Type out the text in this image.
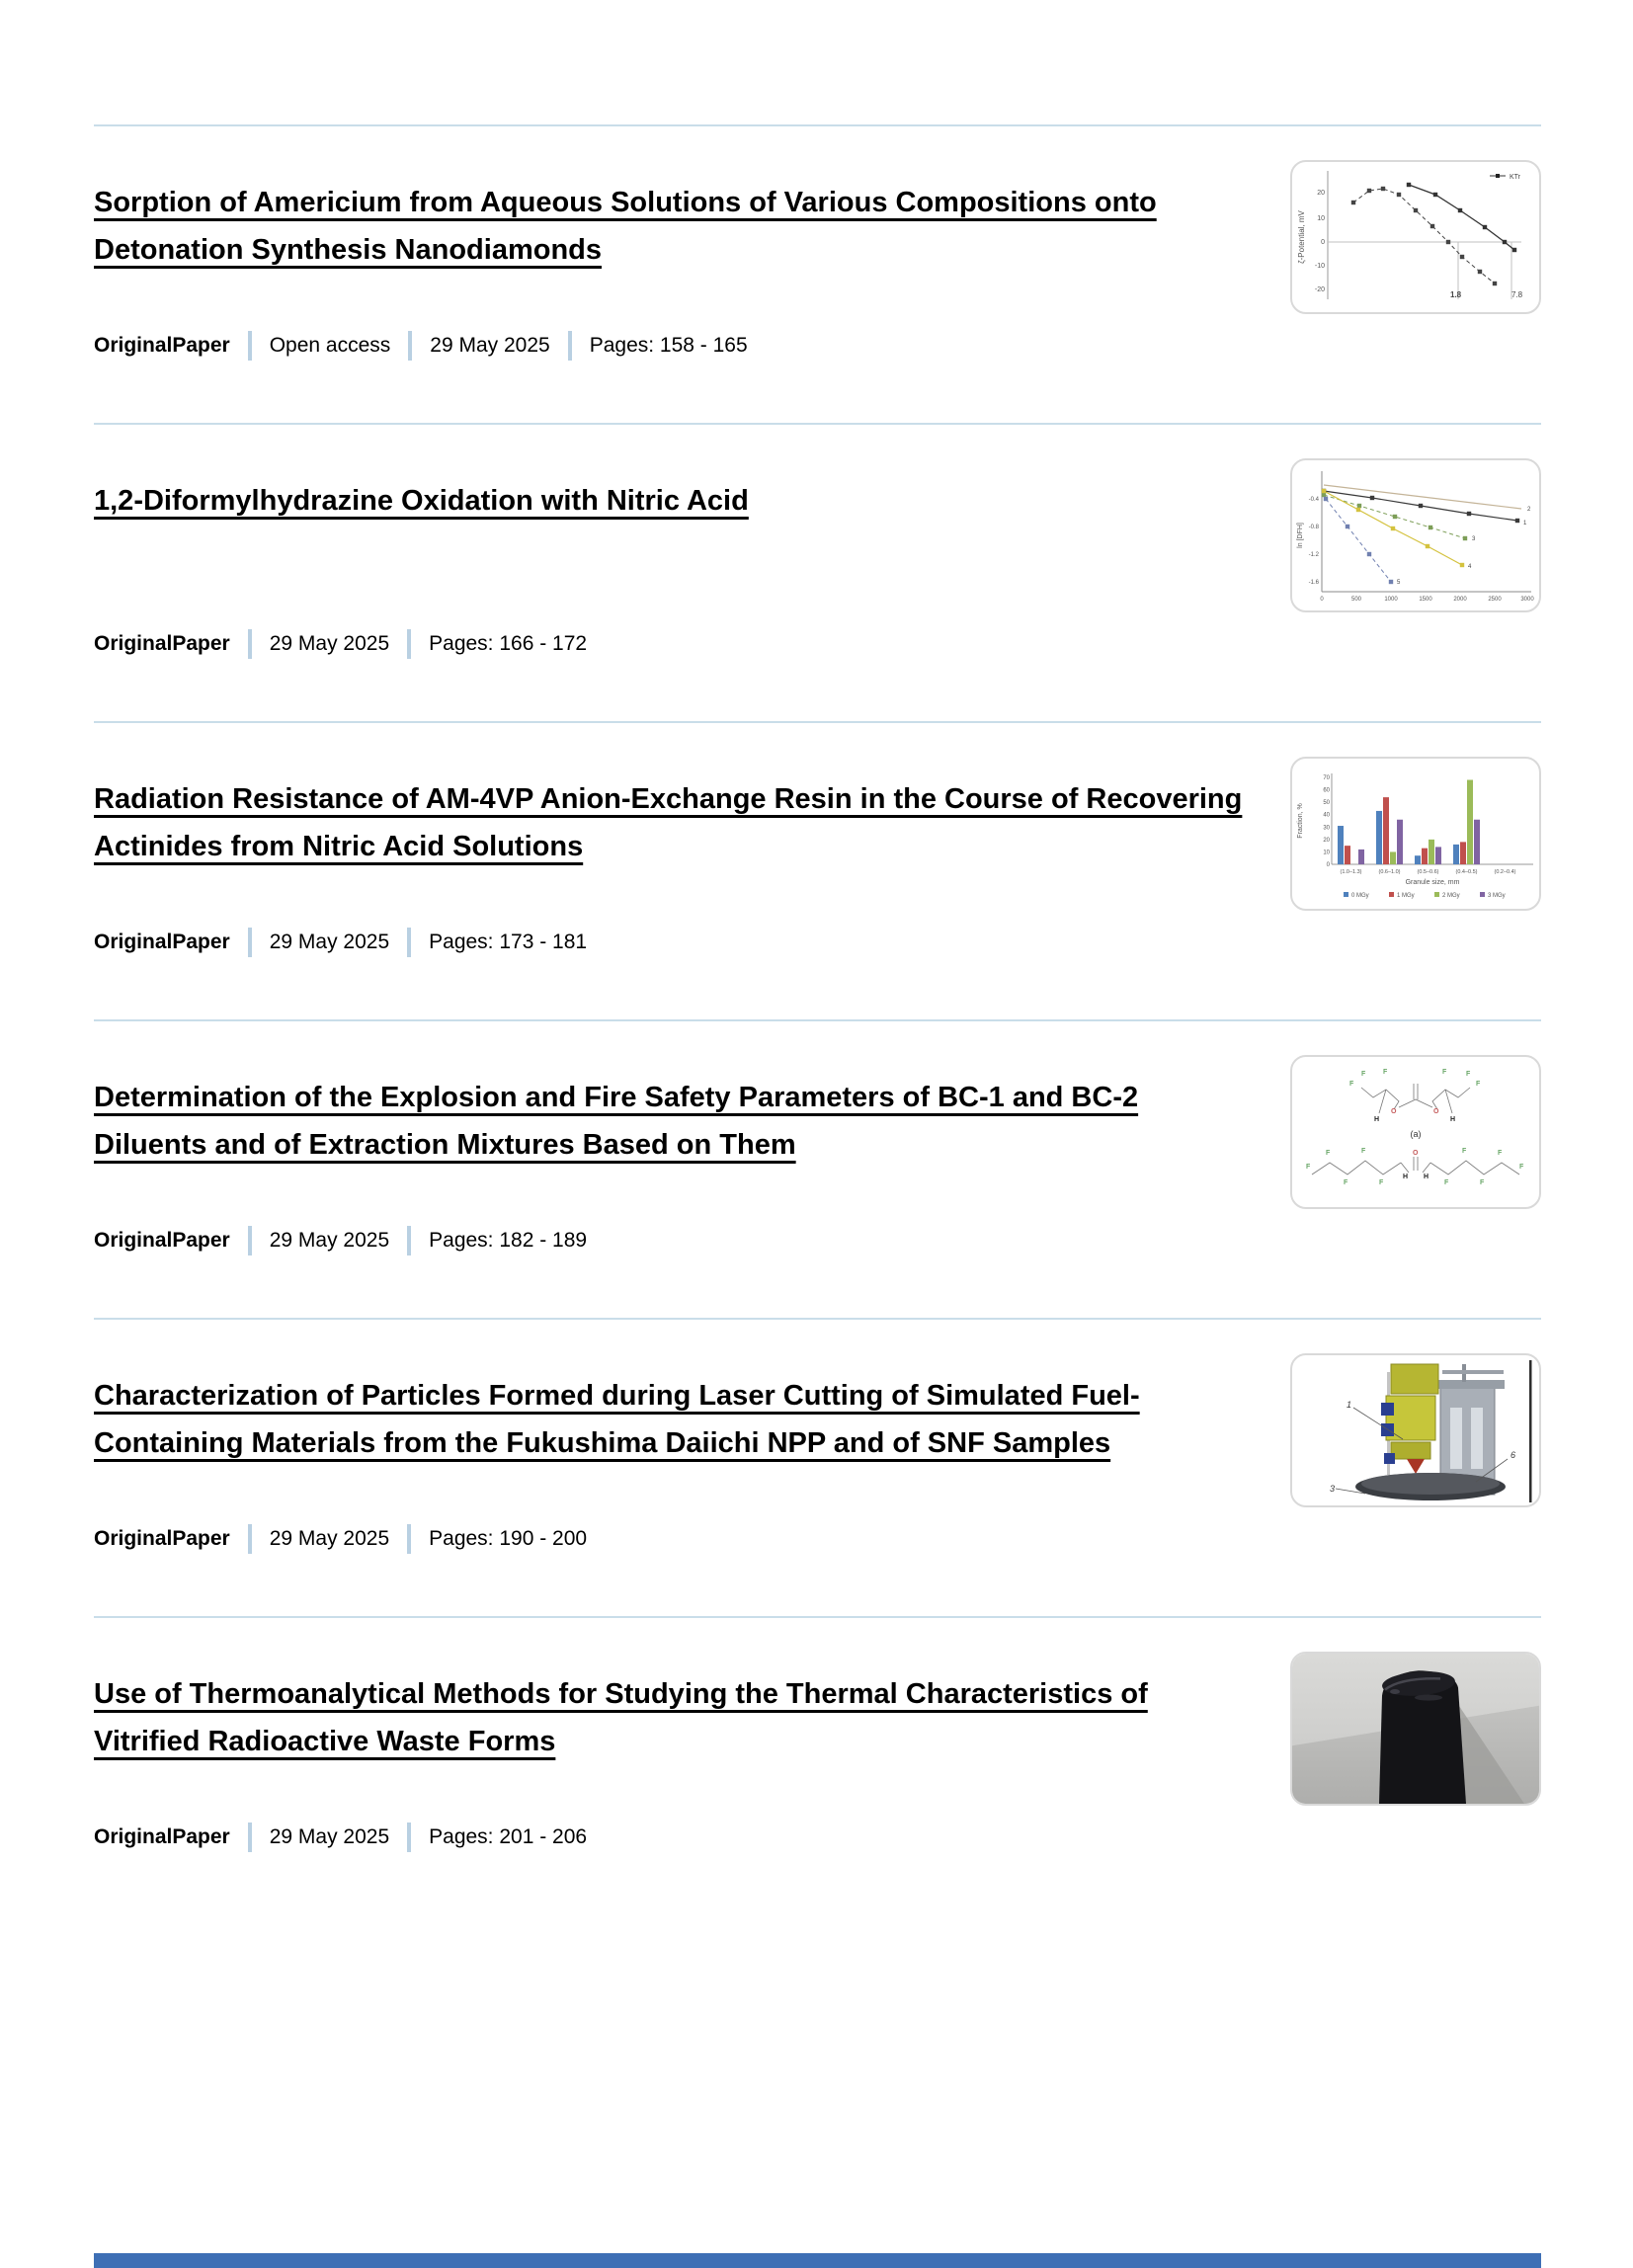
Sorption of Americium from Aqueous Solutions of Various Compositions onto Detonation Synthesis Nanodiamonds
OriginalPaper Open access 29 May 2025 Pages: 158 - 165
ζ-Potential, mV
20
10
0
-10
-20
1.8	7.8
KTr
1,2-Diformylhydrazine Oxidation with Nitric Acid
OriginalPaper 29 May 2025 Pages: 166 - 172
ln [DFH]
-0.4
-0.8
-1.2
-1.6
0	500	1000	1500	2000	2500	3000
1
2
3
4
5
Radiation Resistance of AM-4VP Anion-Exchange Resin in the Course of Recovering Actinides from Nitric Acid Solutions
OriginalPaper 29 May 2025 Pages: 173 - 181
Fraction, %
Granule size, mm
0
10
20
30
40
50
60
70
(1.0–1.3)	(0.6–1.0)	(0.5–0.6)	(0.4–0.5)	(0.2–0.4)
0 MGy	1 MGy	2 MGy	3 MGy
Determination of the Explosion and Fire Safety Parameters of BC-1 and BC-2 Diluents and of Extraction Mixtures Based on Them
OriginalPaper 29 May 2025 Pages: 182 - 189
F
F	F	F	F
F
O	O
H	H
F
F
F
F
F
F
F
F
F
F
H H
O
(а)
Characterization of Particles Formed during Laser Cutting of Simulated Fuel-Containing Materials from the Fukushima Daiichi NPP and of SNF Samples
OriginalPaper 29 May 2025 Pages: 190 - 200
1
3
6
Use of Thermoanalytical Methods for Studying the Thermal Characteristics of Vitrified Radioactive Waste Forms
OriginalPaper 29 May 2025 Pages: 201 - 206
